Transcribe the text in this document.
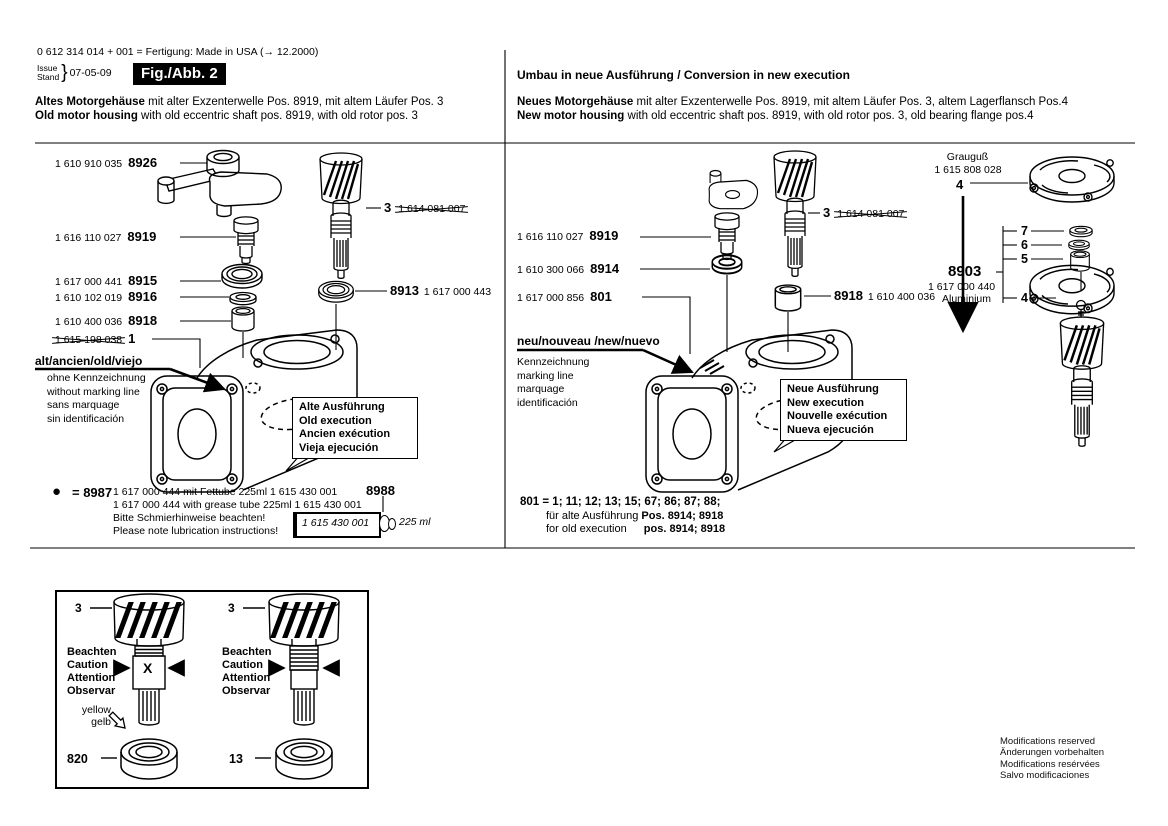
0 612 314 014 + 001 = Fertigung: Made in USA (→ 12.2000)
Issue
Stand } 07-05-09	Fig./Abb. 2
Altes Motorgehäuse mit alter Exzenterwelle Pos. 8919, mit altem Läufer Pos. 3
Old motor housing with old eccentric shaft pos. 8919, with old rotor pos. 3
Umbau in neue Ausführung / Conversion in new execution
Neues Motorgehäuse mit alter Exzenterwelle Pos. 8919, mit altem Läufer Pos. 3, altem Lagerflansch Pos.4
New motor housing with old eccentric shaft pos. 8919, with old rotor pos. 3, old bearing flange pos.4
1 610 910 035 8926
1 616 110 027 8919
1 617 000 441 8915
1 610 102 019 8916
1 610 400 036 8918
1 615 198 038 1
3 1 614 081 007
8913 1 617 000 443
alt/ancien/old/viejo
ohne Kennzeichnung
without marking line
sans marquage
sin identificación
Alte Ausführung
Old execution
Ancien exécution
Vieja ejecución
● = 8987 1 617 000 444 mit Fettube 225ml 1 615 430 001
1 617 000 444 with grease tube 225ml 1 615 430 001
Bitte Schmierhinweise beachten!
Please note lubrication instructions!
8988
1 615 430 001	225 ml
1 616 110 027 8919
1 610 300 066 8914
1 617 000 856 801
3 1 614 081 007
8918 1 610 400 036
neu/nouveau /new/nuevo
Kennzeichnung
marking line
marquage
identificación
Neue Ausführung
New execution
Nouvelle exécution
Nueva ejecución
801 = 1; 11; 12; 13; 15; 67; 86; 87; 88;
für alte Ausführung Pos. 8914; 8918
for old execution pos. 8914; 8918
Grauguß
1 615 808 028
4
7
6
5
4
8903
1 617 000 440
Aluminium
3	3
Beachten
Caution
Attention
Observar
Beachten
Caution
Attention
Observar
X
yellow
gelb
820	13
Modifications reserved
Änderungen vorbehalten
Modifications resérvées
Salvo modificaciones
